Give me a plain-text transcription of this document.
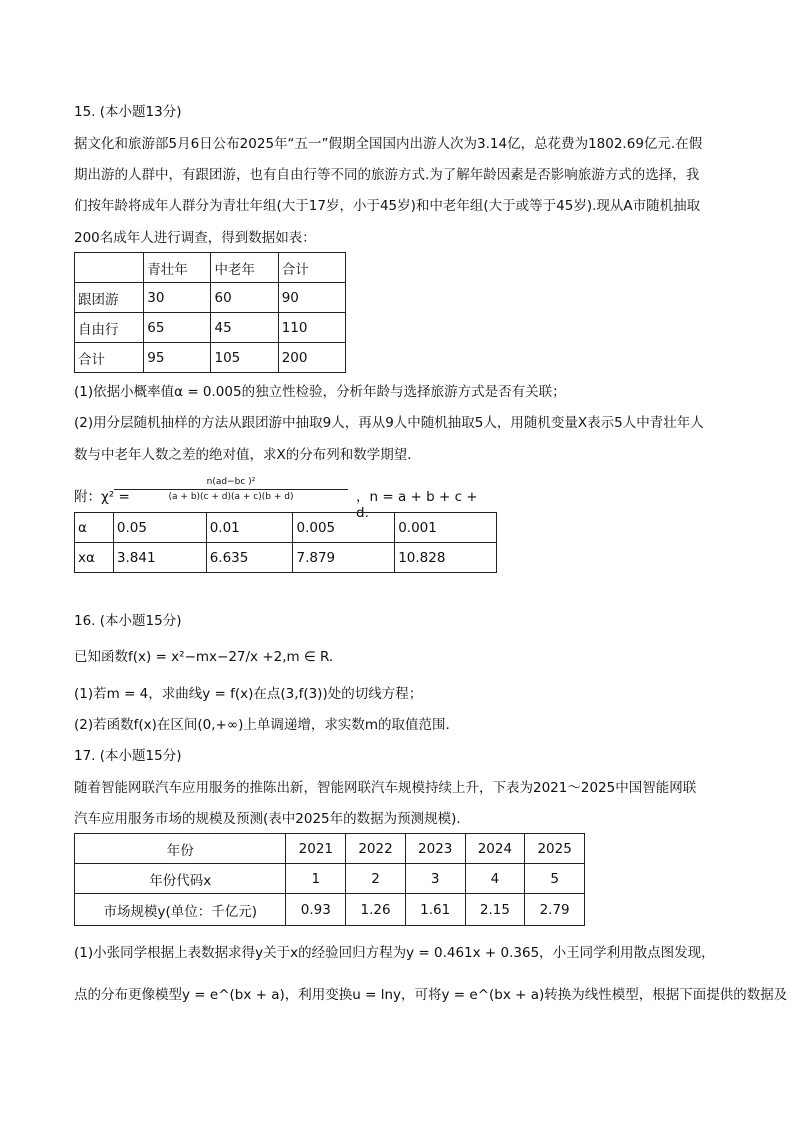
15. (本小题13分)
据文化和旅游部5月6日公布2025年“五一”假期全国国内出游人次为3.14亿，总花费为1802.69亿元.在假
期出游的人群中，有跟团游，也有自由行等不同的旅游方式.为了解年龄因素是否影响旅游方式的选择，我
们按年龄将成年人群分为青壮年组(大于17岁，小于45岁)和中老年组(大于或等于45岁).现从A市随机抽取
200名成年人进行调查，得到数据如表：
	青壮年	中老年	合计
跟团游	30	60	90
自由行	65	45	110
合计	95	105	200
(1)依据小概率值α = 0.005的独立性检验，分析年龄与选择旅游方式是否有关联；
(2)用分层随机抽样的方法从跟团游中抽取9人，再从9人中随机抽取5人，用随机变量X表示5人中青壮年人
数与中老年人数之差的绝对值，求X的分布列和数学期望．
附：χ² =
n(ad−bc )²
(a + b)(c + d)(a + c)(b + d)	，n = a + b + c + d.
α	0.05	0.01	0.005	0.001
xα	3.841	6.635	7.879	10.828
16. (本小题15分)
已知函数f(x) = x²−mx−27/x +2,m ∈ R.
(1)若m = 4，求曲线y = f(x)在点(3,f(3))处的切线方程；
(2)若函数f(x)在区间(0,+∞)上单调递增，求实数m的取值范围．
17. (本小题15分)
随着智能网联汽车应用服务的推陈出新，智能网联汽车规模持续上升，下表为2021～2025中国智能网联
汽车应用服务市场的规模及预测(表中2025年的数据为预测规模)．
年份	2021	2022	2023	2024	2025
年份代码x	1	2	3	4	5
市场规模y(单位：千亿元)	0.93	1.26	1.61	2.15	2.79
(1)小张同学根据上表数据求得y关于x的经验回归方程为y = 0.461x + 0.365，小王同学利用散点图发现，
点的分布更像模型y = e^(bx + a)，利用变换u = lny，可将y = e^(bx + a)转换为线性模型，根据下面提供的数据及
